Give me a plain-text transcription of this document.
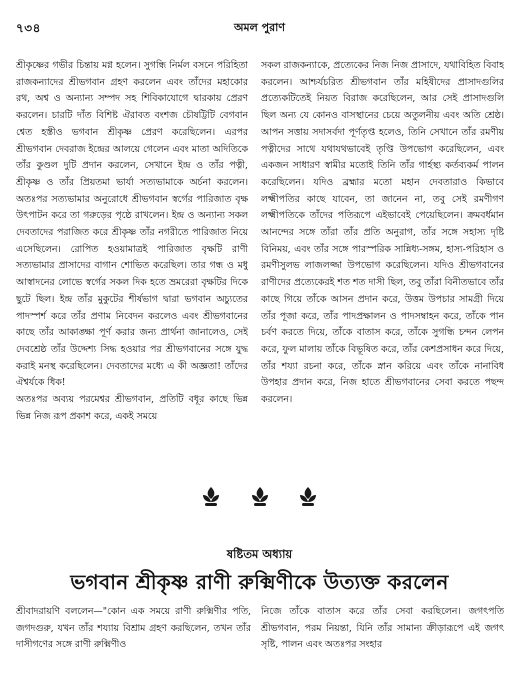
৭৩৪	অমল পুরাণ

শ্রীকৃষ্ণের গভীর চিন্তায় মগ্ন হলেন। সুগন্ধি নির্মল বসনে পরিহিতা রাজকন্যাদের শ্রীভগবান গ্রহণ করলেন এবং তাঁদের মহাকোর রথ, অশ্ব ও অন্যান্য সম্পদ সহ শিবিকাযোগে দ্বারকায় প্রেরণ করলেন। চারটি দাঁত বিশিষ্ট ঐরাবত বংশজ চৌষট্টিটি বেগবান শ্বেত হস্তীও ভগবান শ্রীকৃষ্ণ প্রেরণ করেছিলেন। এরপর শ্রীভগবান দেবরাজ ইন্দ্রের আলয়ে গেলেন এবং মাতা অদিতিকে তাঁর কুণ্ডল দুটি প্রদান করলেন, সেখানে ইন্দ্র ও তাঁর পত্নী, শ্রীকৃষ্ণ ও তাঁর প্রিয়তমা ভার্যা সত্যভামাকে অর্চনা করলেন। অতঃপর সত্যভামার অনুরোধে শ্রীভগবান স্বর্গের পারিজাত বৃক্ষ উৎপাটন করে তা গরুড়ের পৃষ্ঠে রাখলেন। ইন্দ্র ও অন্যান্য সকল দেবতাদের পরাজিত করে শ্রীকৃষ্ণ তাঁর নগরীতে পারিজাত নিয়ে এসেছিলেন। রোপিত হওয়ামাত্রই পারিজাত বৃক্ষটি রাণী সত্যভামার প্রাসাদের বাগান শোভিত করেছিল। তার গন্ধ ও মধু আস্বাদনের লোভে স্বর্গের সকল দিক হতে ভ্রমরেরা বৃক্ষটির দিকে ছুটে ছিল। ইন্দ্র তাঁর মুকুটের শীর্ষভাগ দ্বারা ভগবান অচ্যুতের পাদস্পর্শ করে তাঁর প্রণাম নিবেদন করলেও এবং শ্রীভগবানের কাছে তাঁর আকাঙ্ক্ষা পূর্ণ করার জন্য প্রার্থনা জানালেও, সেই দেবশ্রেষ্ঠ তাঁর উদ্দেশ্য সিদ্ধ হওয়ার পর শ্রীভগবানের সঙ্গে যুদ্ধ করাই মনস্থ করেছিলেন। দেবতাদের মধ্যে এ কী অজ্ঞতা! তাঁদের ঐশ্বর্যকে ধিক!

অতঃপর অব্যয় পরমেশ্বর শ্রীভগবান, প্রতিটি বধূর কাছে ভিন্ন ভিন্ন নিজ রূপ প্রকাশ করে, একই সময়ে

সকল রাজকন্যাকে, প্রত্যেকের নিজ নিজ প্রাসাদে, যথাবিহিত বিবাহ করলেন। আশ্চর্যচরিত শ্রীভগবান তাঁর মহিষীদের প্রাসাদগুলির প্রত্যেকটিতেই নিয়ত বিরাজ করেছিলেন, আর সেই প্রাসাদগুলি ছিল অন্য যে কোনও বাসস্থানের চেয়ে অতুলনীয় এবং অতি শ্রেষ্ঠ। আপন সত্তায় সদাসর্বদা পূর্ণতৃপ্ত হলেও, তিনি সেখানে তাঁর রমণীয় পত্নীদের সাথে যথাযথভাবেই তৃপ্তি উপভোগ করেছিলেন, এবং একজন সাধারণ স্বামীর মতোই তিনি তাঁর গার্হস্থ্য কর্তব্যকর্ম পালন করেছিলেন। যদিও ব্রহ্মার মতো মহান দেবতারাও কিভাবে লক্ষ্মীপতির কাছে যাবেন, তা জানেন না, তবু সেই রমণীগণ লক্ষ্মীপতিকে তাঁদের পতিরূপে এইভাবেই পেয়েছিলেন। ক্রমবর্ধমান আনন্দের সঙ্গে তাঁরা তাঁর প্রতি অনুরাগ, তাঁর সঙ্গে সহাস্য দৃষ্টি বিনিময়, এবং তাঁর সঙ্গে পারস্পরিক সান্নিধ্য-সঙ্গম, হাস্য-পরিহাস ও রমণীসুলভ লাজলজ্জা উপভোগ করেছিলেন। যদিও শ্রীভগবানের রাণীদের প্রত্যেকেরই শত শত দাসী ছিল, তবু তাঁরা বিনীতভাবে তাঁর কাছে গিয়ে তাঁকে আসন প্রদান করে, উত্তম উপচার সামগ্রী দিয়ে তাঁর পূজা করে, তাঁর পাদপ্রক্ষালন ও পাদসম্বাহন করে, তাঁকে পান চর্বণ করতে দিয়ে, তাঁকে বাতাস করে, তাঁকে সুগন্ধি চন্দন লেপন করে, ফুল মালায় তাঁকে বিভূষিত করে, তাঁর কেশপ্রসাধন করে দিয়ে, তাঁর শয্যা রচনা করে, তাঁকে স্নান করিয়ে এবং তাঁকে নানাবিধ উপহার প্রদান করে, নিজ হাতে শ্রীভগবানের সেবা করতে পছন্দ করলেন।

ষষ্টিতম অধ্যায়
ভগবান শ্রীকৃষ্ণ রাণী রুক্মিণীকে উত্যক্ত করলেন

শ্রীবাদরায়ণি বললেন—"কোন এক সময়ে রাণী রুক্মিণীর পতি, জগদগুরু, যখন তাঁর শয্যায় বিশ্রাম গ্রহণ করছিলেন, তখন তাঁর দাসীগণের সঙ্গে রাণী রুক্মিণীও

নিজে তাঁকে বাতাস করে তাঁর সেবা করছিলেন। জগৎপতি শ্রীভগবান, পরম নিয়ন্তা, যিনি তাঁর সামান্য ক্রীড়ারূপে এই জগৎ সৃষ্টি, পালন এবং অতঃপর সংহার
